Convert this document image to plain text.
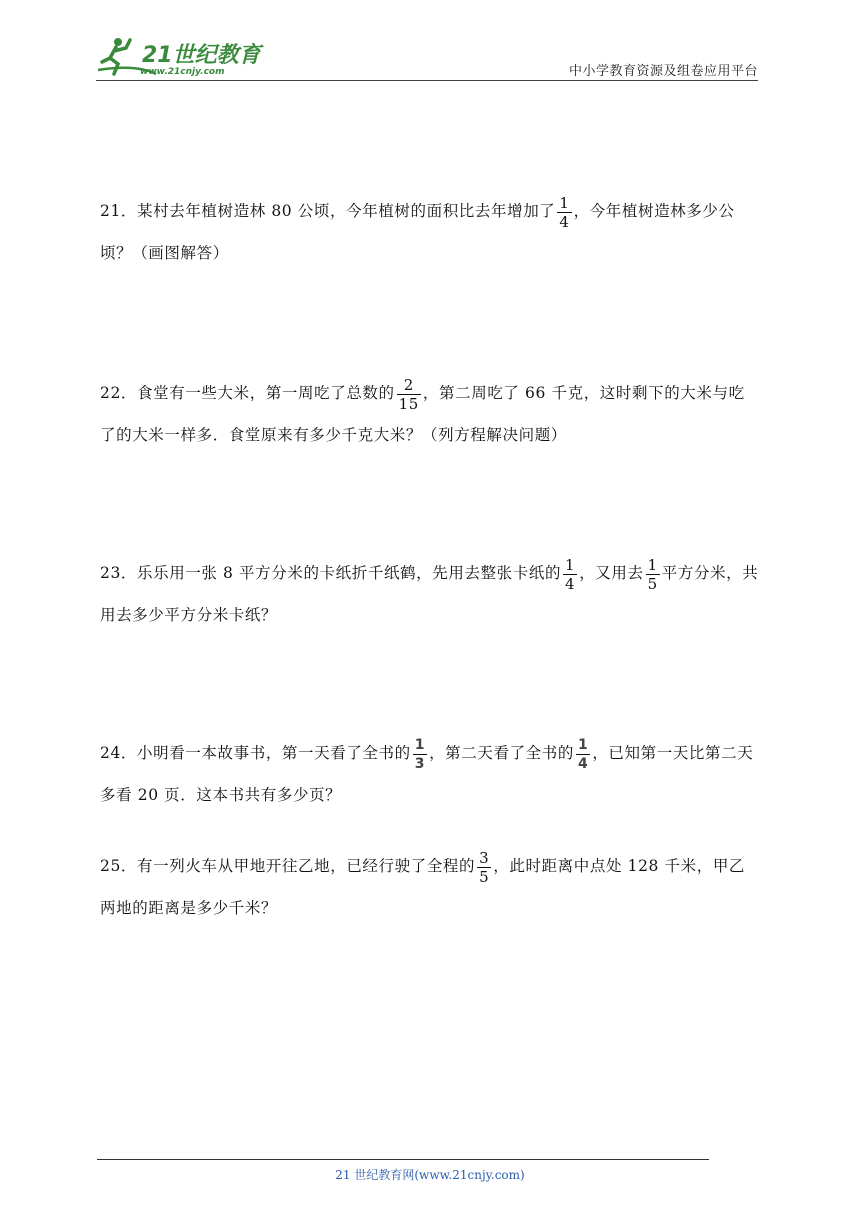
21世纪教育
www.21cnjy.com	中小学教育资源及组卷应用平台
21．某村去年植树造林 80 公顷，今年植树的面积比去年增加了 $\frac{1}{4}$ ，今年植树造林多少公顷？（画图解答）
22．食堂有一些大米，第一周吃了总数的 $\frac{2}{15}$ ，第二周吃了 66 千克，这时剩下的大米与吃了的大米一样多．食堂原来有多少千克大米？（列方程解决问题）
23．乐乐用一张 8 平方分米的卡纸折千纸鹤，先用去整张卡纸的 $\frac{1}{4}$ ，又用去 $\frac{1}{5}$ 平方分米，共用去多少平方分米卡纸？
24．小明看一本故事书，第一天看了全书的 $\frac{1}{3}$ ，第二天看了全书的 $\frac{1}{4}$ ，已知第一天比第二天多看 20 页．这本书共有多少页？
25．有一列火车从甲地开往乙地，已经行驶了全程的 $\frac{3}{5}$ ，此时距离中点处 128 千米，甲乙两地的距离是多少千米？
21 世纪教育网(www.21cnjy.com)
